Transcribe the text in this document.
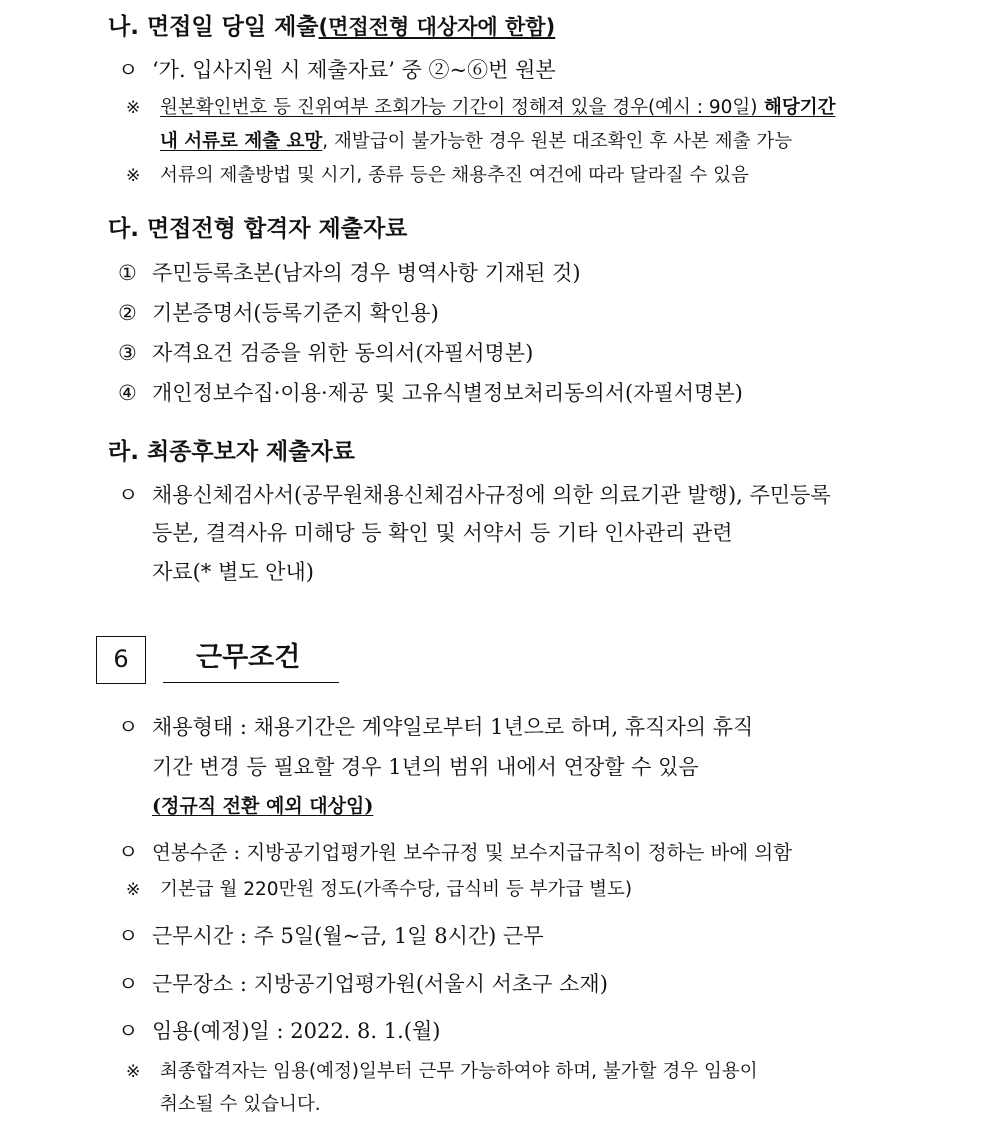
나. 면접일 당일 제출(면접전형 대상자에 한함)
ㅇ ‘가. 입사지원 시 제출자료’ 중 ②~⑥번 원본
※ 원본확인번호 등 진위여부 조회가능 기간이 정해져 있을 경우(예시 : 90일) 해당기간
내 서류로 제출 요망, 재발급이 불가능한 경우 원본 대조확인 후 사본 제출 가능
※ 서류의 제출방법 및 시기, 종류 등은 채용추진 여건에 따라 달라질 수 있음
다. 면접전형 합격자 제출자료
① 주민등록초본(남자의 경우 병역사항 기재된 것)
② 기본증명서(등록기준지 확인용)
③ 자격요건 검증을 위한 동의서(자필서명본)
④ 개인정보수집·이용·제공 및 고유식별정보처리동의서(자필서명본)
라. 최종후보자 제출자료
ㅇ 채용신체검사서(공무원채용신체검사규정에 의한 의료기관 발행), 주민등록
등본, 결격사유 미해당 등 확인 및 서약서 등 기타 인사관리 관련
자료(* 별도 안내)
6	근무조건
ㅇ 채용형태 : 채용기간은 계약일로부터 1년으로 하며, 휴직자의 휴직
기간 변경 등 필요할 경우 1년의 범위 내에서 연장할 수 있음
(정규직 전환 예외 대상임)
ㅇ 연봉수준 : 지방공기업평가원 보수규정 및 보수지급규칙이 정하는 바에 의함
※ 기본급 월 220만원 정도(가족수당, 급식비 등 부가급 별도)
ㅇ 근무시간 : 주 5일(월~금, 1일 8시간) 근무
ㅇ 근무장소 : 지방공기업평가원(서울시 서초구 소재)
ㅇ 임용(예정)일 : 2022. 8. 1.(월)
※ 최종합격자는 임용(예정)일부터 근무 가능하여야 하며, 불가할 경우 임용이
취소될 수 있습니다.
